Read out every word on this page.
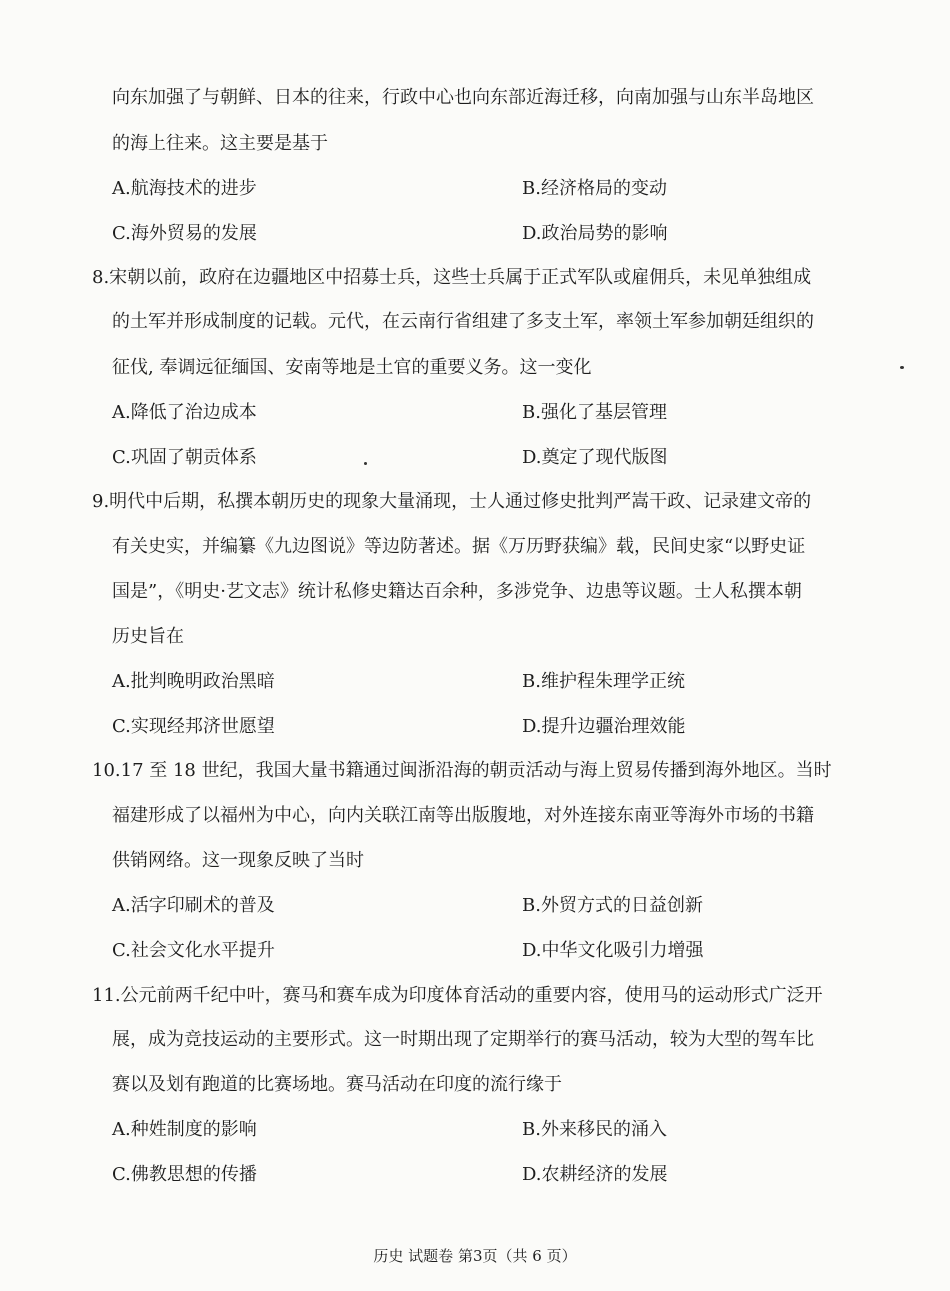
向东加强了与朝鲜、日本的往来，行政中心也向东部近海迁移，向南加强与山东半岛地区
的海上往来。这主要是基于
A.航海技术的进步	B.经济格局的变动
C.海外贸易的发展	D.政治局势的影响
8.宋朝以前，政府在边疆地区中招募士兵，这些士兵属于正式军队或雇佣兵，未见单独组成
的土军并形成制度的记载。元代，在云南行省组建了多支土军，率领土军参加朝廷组织的
征伐, 奉调远征缅国、安南等地是土官的重要义务。这一变化
A.降低了治边成本	B.强化了基层管理
C.巩固了朝贡体系	D.奠定了现代版图
9.明代中后期，私撰本朝历史的现象大量涌现，士人通过修史批判严嵩干政、记录建文帝的
有关史实，并编纂《九边图说》等边防著述。据《万历野获编》载，民间史家“以野史证
国是”，《明史·艺文志》统计私修史籍达百余种，多涉党争、边患等议题。士人私撰本朝
历史旨在
A.批判晚明政治黑暗	B.维护程朱理学正统
C.实现经邦济世愿望	D.提升边疆治理效能
10.17 至 18 世纪，我国大量书籍通过闽浙沿海的朝贡活动与海上贸易传播到海外地区。当时
福建形成了以福州为中心，向内关联江南等出版腹地，对外连接东南亚等海外市场的书籍
供销网络。这一现象反映了当时
A.活字印刷术的普及	B.外贸方式的日益创新
C.社会文化水平提升	D.中华文化吸引力增强
11.公元前两千纪中叶，赛马和赛车成为印度体育活动的重要内容，使用马的运动形式广泛开
展，成为竞技运动的主要形式。这一时期出现了定期举行的赛马活动，较为大型的驾车比
赛以及划有跑道的比赛场地。赛马活动在印度的流行缘于
A.种姓制度的影响	B.外来移民的涌入
C.佛教思想的传播	D.农耕经济的发展
历史 试题卷 第3页（共 6 页）
